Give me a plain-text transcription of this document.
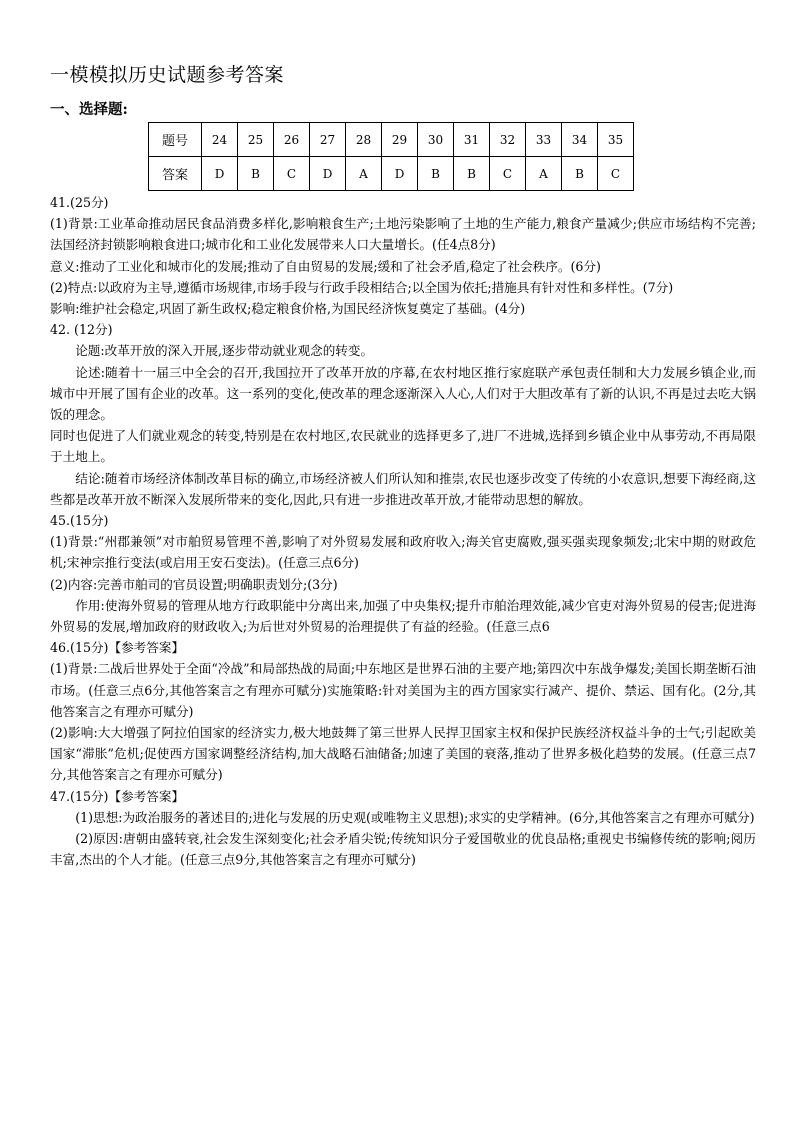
一模模拟历史试题参考答案
一、选择题:
题号	24	25	26	27	28	29	30	31	32	33	34	35
答案	D	B	C	D	A	D	B	B	C	A	B	C

41.(25分)

(1)背景:工业革命推动居民食品消费多样化,影响粮食生产;土地污染影响了土地的生产能力,粮食产量减少;供应市场结构不完善;法国经济封锁影响粮食进口;城市化和工业化发展带来人口大量增长。(任4点8分)

意义:推动了工业化和城市化的发展;推动了自由贸易的发展;缓和了社会矛盾,稳定了社会秩序。(6分)

(2)特点:以政府为主导,遵循市场规律,市场手段与行政手段相结合;以全国为依托;措施具有针对性和多样性。(7分)

影响:维护社会稳定,巩固了新生政权;稳定粮食价格,为国民经济恢复奠定了基础。(4分)

42. (12分)

论题:改革开放的深入开展,逐步带动就业观念的转变。

论述:随着十一届三中全会的召开,我国拉开了改革开放的序幕,在农村地区推行家庭联产承包责任制和大力发展乡镇企业,而城市中开展了国有企业的改革。这一系列的变化,使改革的理念逐渐深入人心,人们对于大胆改革有了新的认识,不再是过去吃大锅饭的理念。

同时也促进了人们就业观念的转变,特别是在农村地区,农民就业的选择更多了,进厂不进城,选择到乡镇企业中从事劳动,不再局限于土地上。

结论:随着市场经济体制改革目标的确立,市场经济被人们所认知和推崇,农民也逐步改变了传统的小农意识,想要下海经商,这些都是改革开放不断深入发展所带来的变化,因此,只有进一步推进改革开放,才能带动思想的解放。

45.(15分)

(1)背景:“州郡兼领”对市舶贸易管理不善,影响了对外贸易发展和政府收入;海关官吏腐败,强买强卖现象频发;北宋中期的财政危机;宋神宗推行变法(或启用王安石变法)。(任意三点6分)

(2)内容:完善市舶司的官员设置;明确职责划分;(3分)

作用:使海外贸易的管理从地方行政职能中分离出来,加强了中央集权;提升市舶治理效能,减少官吏对海外贸易的侵害;促进海外贸易的发展,增加政府的财政收入;为后世对外贸易的治理提供了有益的经验。(任意三点6

46.(15分)【参考答案】

(1)背景:二战后世界处于全面“冷战”和局部热战的局面;中东地区是世界石油的主要产地;第四次中东战争爆发;美国长期垄断石油市场。(任意三点6分,其他答案言之有理亦可赋分)实施策略:针对美国为主的西方国家实行减产、提价、禁运、国有化。(2分,其他答案言之有理亦可赋分)

(2)影响:大大增强了阿拉伯国家的经济实力,极大地鼓舞了第三世界人民捍卫国家主权和保护民族经济权益斗争的士气;引起欧美国家“滞胀”危机;促使西方国家调整经济结构,加大战略石油储备;加速了美国的衰落,推动了世界多极化趋势的发展。(任意三点7分,其他答案言之有理亦可赋分)

47.(15分)【参考答案】

(1)思想:为政治服务的著述目的;进化与发展的历史观(或唯物主义思想);求实的史学精神。(6分,其他答案言之有理亦可赋分)

(2)原因:唐朝由盛转衰,社会发生深刻变化;社会矛盾尖锐;传统知识分子爱国敬业的优良品格;重视史书编修传统的影响;阅历丰富,杰出的个人才能。(任意三点9分,其他答案言之有理亦可赋分)
